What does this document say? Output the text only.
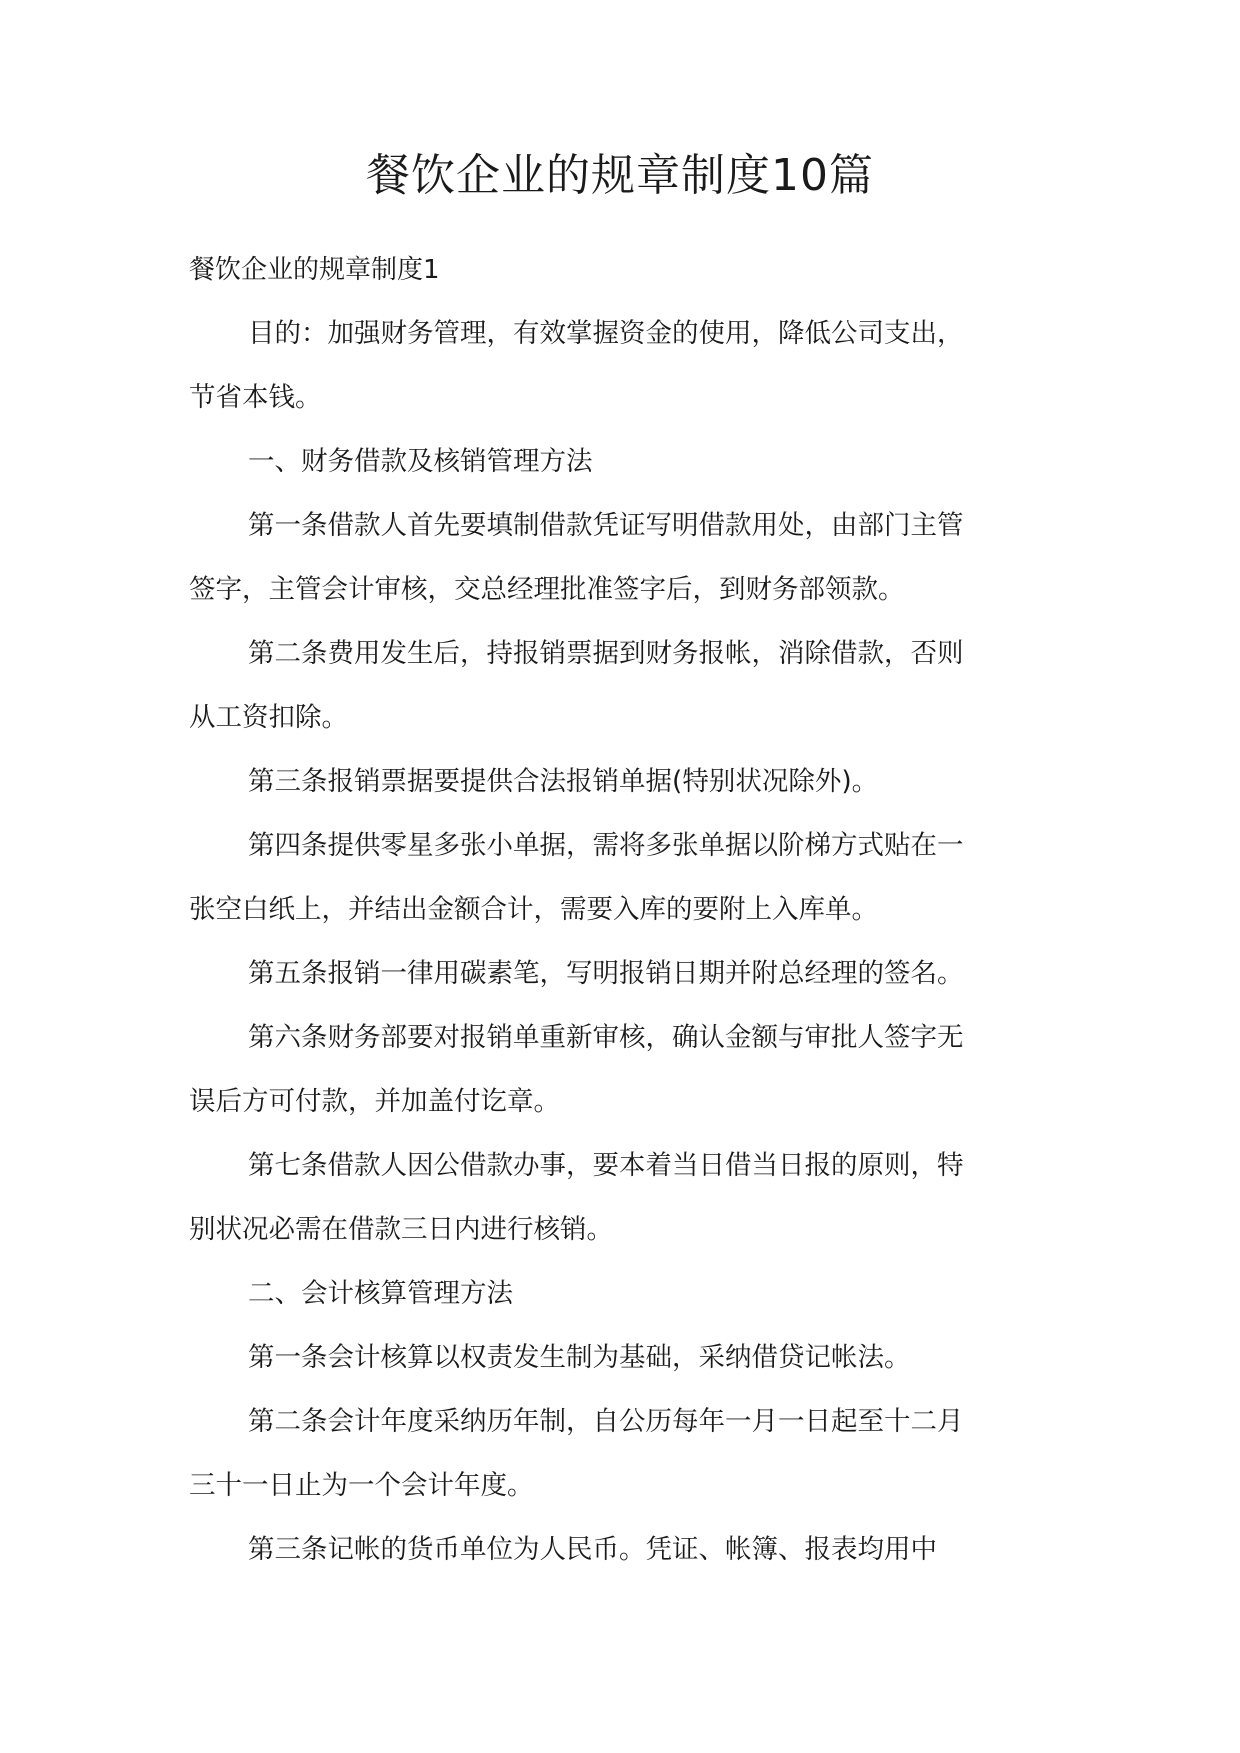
餐饮企业的规章制度10篇
餐饮企业的规章制度1
目的：加强财务管理，有效掌握资金的使用，降低公司支出，
节省本钱。
一、财务借款及核销管理方法
第一条借款人首先要填制借款凭证写明借款用处，由部门主管
签字，主管会计审核，交总经理批准签字后，到财务部领款。
第二条费用发生后，持报销票据到财务报帐，消除借款，否则
从工资扣除。
第三条报销票据要提供合法报销单据(特别状况除外)。
第四条提供零星多张小单据，需将多张单据以阶梯方式贴在一
张空白纸上，并结出金额合计，需要入库的要附上入库单。
第五条报销一律用碳素笔，写明报销日期并附总经理的签名。
第六条财务部要对报销单重新审核，确认金额与审批人签字无
误后方可付款，并加盖付讫章。
第七条借款人因公借款办事，要本着当日借当日报的原则，特
别状况必需在借款三日内进行核销。
二、会计核算管理方法
第一条会计核算以权责发生制为基础，采纳借贷记帐法。
第二条会计年度采纳历年制，自公历每年一月一日起至十二月
三十一日止为一个会计年度。
第三条记帐的货币单位为人民币。凭证、帐簿、报表均用中
